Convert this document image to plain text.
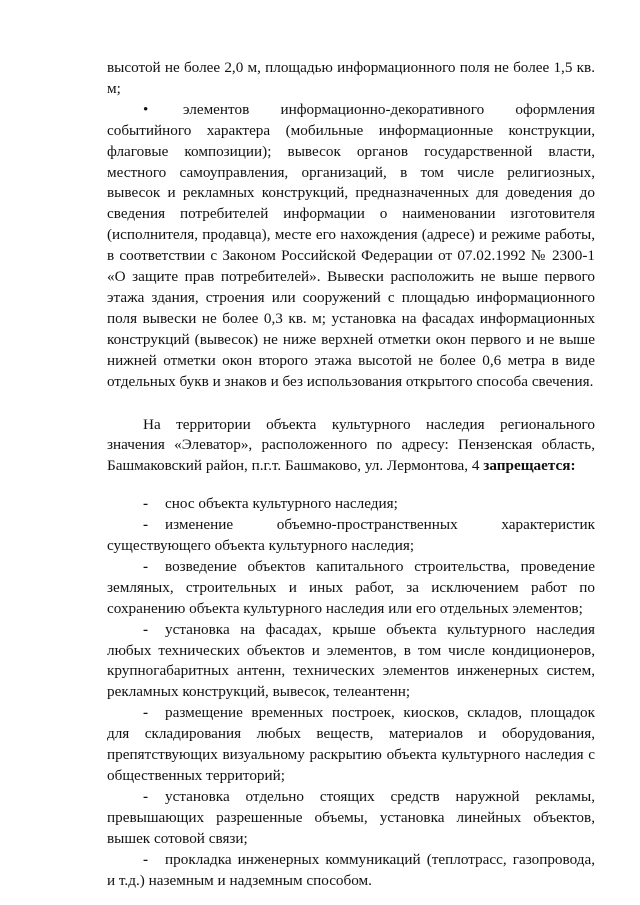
высотой не более 2,0 м, площадью информационного поля не более 1,5 кв. м;

• элементов информационно-декоративного оформления событийного характера (мобильные информационные конструкции, флаговые композиции); вывесок органов государственной власти, местного самоуправления, организаций, в том числе религиозных, вывесок и рекламных конструкций, предназначенных для доведения до сведения потребителей информации о наименовании изготовителя (исполнителя, продавца), месте его нахождения (адресе) и режиме работы, в соответствии с Законом Российской Федерации от 07.02.1992 № 2300-1 «О защите прав потребителей». Вывески расположить не выше первого этажа здания, строения или сооружений с площадью информационного поля вывески не более 0,3 кв. м; установка на фасадах информационных конструкций (вывесок) не ниже верхней отметки окон первого и не выше нижней отметки окон второго этажа высотой не более 0,6 метра в виде отдельных букв и знаков и без использования открытого способа свечения.

На территории объекта культурного наследия регионального значения «Элеватор», расположенного по адресу: Пензенская область, Башмаковский район, п.г.т. Башмаково, ул. Лермонтова, 4 запрещается:

- снос объекта культурного наследия;

- изменение объемно-пространственных характеристик существующего объекта культурного наследия;

- возведение объектов капитального строительства, проведение земляных, строительных и иных работ, за исключением работ по сохранению объекта культурного наследия или его отдельных элементов;

- установка на фасадах, крыше объекта культурного наследия любых технических объектов и элементов, в том числе кондиционеров, крупногабаритных антенн, технических элементов инженерных систем, рекламных конструкций, вывесок, телеантенн;

- размещение временных построек, киосков, складов, площадок для складирования любых веществ, материалов и оборудования, препятствующих визуальному раскрытию объекта культурного наследия с общественных территорий;

- установка отдельно стоящих средств наружной рекламы, превышающих разрешенные объемы, установка линейных объектов, вышек сотовой связи;

- прокладка инженерных коммуникаций (теплотрасс, газопровода, и т.д.) наземным и надземным способом.
